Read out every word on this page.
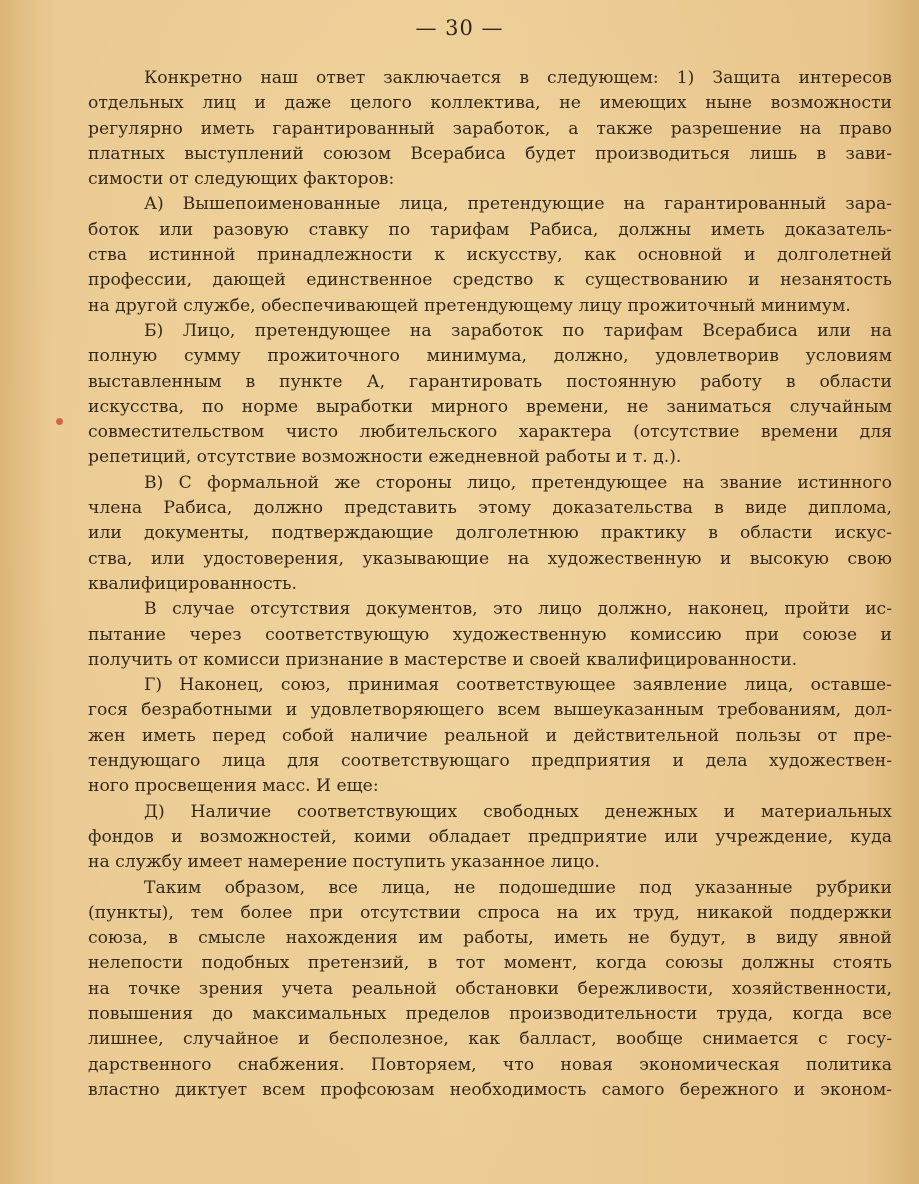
— 30 —
Конкретно наш ответ заключается в следующем: 1) Защита интересов
отдельных лиц и даже целого коллектива, не имеющих ныне возможности
регулярно иметь гарантированный заработок, а также разрешение на право
платных выступлений союзом Всерабиса будет производиться лишь в зави-
симости от следующих факторов:
А) Вышепоименованные лица, претендующие на гарантированный зара-
боток или разовую ставку по тарифам Рабиса, должны иметь доказатель-
ства истинной принадлежности к искусству, как основной и долголетней
профессии, дающей единственное средство к существованию и незанятость
на другой службе, обеспечивающей претендующему лицу прожиточный минимум.
Б) Лицо, претендующее на заработок по тарифам Всерабиса или на
полную сумму прожиточного минимума, должно, удовлетворив условиям
выставленным в пункте А, гарантировать постоянную работу в области
искусства, по норме выработки мирного времени, не заниматься случайным
совместительством чисто любительского характера (отсутствие времени для
репетиций, отсутствие возможности ежедневной работы и т. д.).
В) С формальной же стороны лицо, претендующее на звание истинного
члена Рабиса, должно представить этому доказательства в виде диплома,
или документы, подтверждающие долголетнюю практику в области искус-
ства, или удостоверения, указывающие на художественную и высокую свою
квалифицированность.
В случае отсутствия документов, это лицо должно, наконец, пройти ис-
пытание через соответствующую художественную комиссию при союзе и
получить от комисси признание в мастерстве и своей квалифицированности.
Г) Наконец, союз, принимая соответствующее заявление лица, оставше-
гося безработными и удовлетворяющего всем вышеуказанным требованиям, дол-
жен иметь перед собой наличие реальной и действительной пользы от пре-
тендующаго лица для соответствующаго предприятия и дела художествен-
ного просвещения масс. И еще:
Д) Наличие соответствующих свободных денежных и материальных
фондов и возможностей, коими обладает предприятие или учреждение, куда
на службу имеет намерение поступить указанное лицо.
Таким образом, все лица, не подошедшие под указанные рубрики
(пункты), тем более при отсутствии спроса на их труд, никакой поддержки
союза, в смысле нахождения им работы, иметь не будут, в виду явной
нелепости подобных претензий, в тот момент, когда союзы должны стоять
на точке зрения учета реальной обстановки бережливости, хозяйственности,
повышения до максимальных пределов производительности труда, когда все
лишнее, случайное и бесполезное, как балласт, вообще снимается с госу-
дарственного снабжения. Повторяем, что новая экономическая политика
властно диктует всем профсоюзам необходимость самого бережного и эконом-
